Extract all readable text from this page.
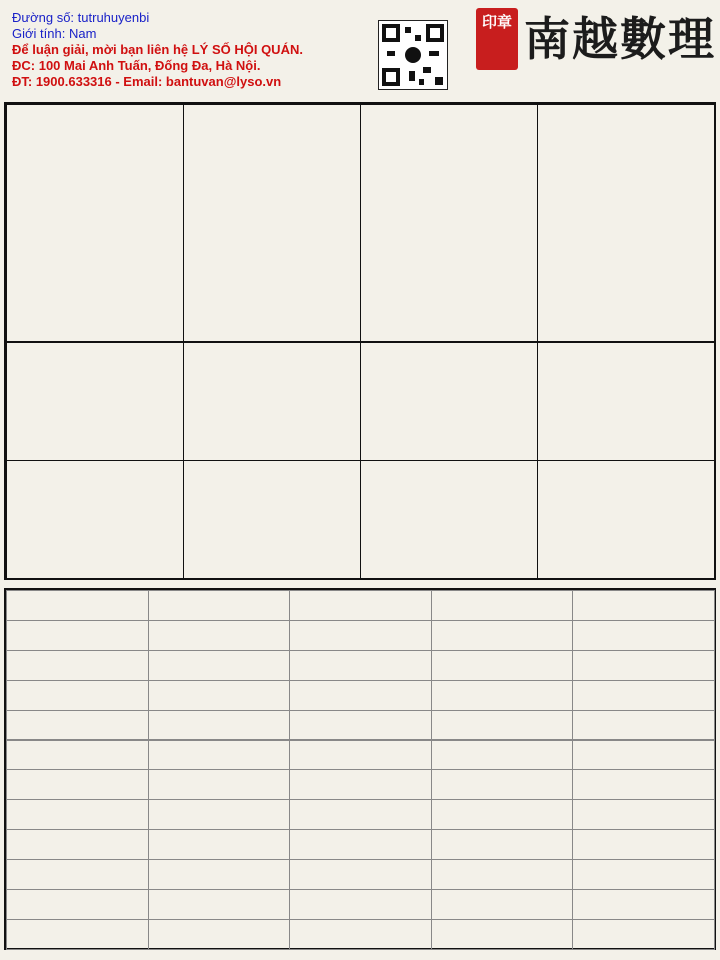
Đường số: tutruhuyenbi
Giới tính: Nam
Để luận giải, mời bạn liên hệ LÝ SỐ HỘI QUÁN.
ĐC: 100 Mai Anh Tuấn, Đống Đa, Hà Nội.
ĐT: 1900.633316 - Email: bantuvan@lyso.vn
印章 南越數理
